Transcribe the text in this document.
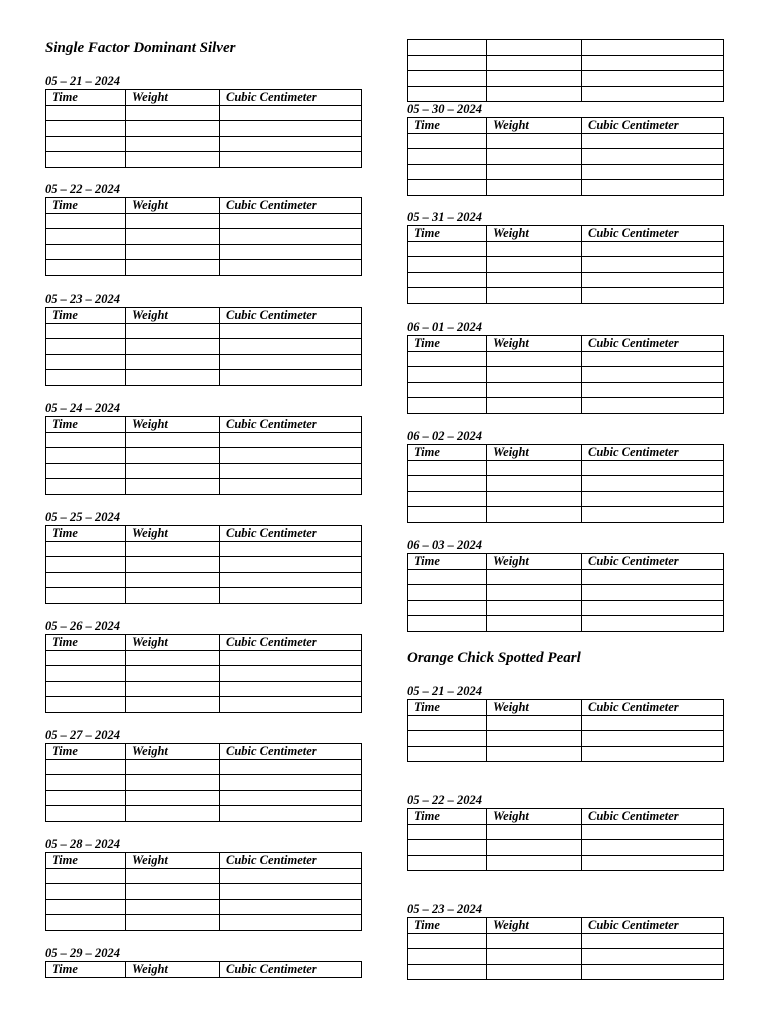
Single Factor Dominant Silver
05 – 21 – 2024
Time	Weight	Cubic Centimeter

05 – 22 – 2024
Time	Weight	Cubic Centimeter

05 – 23 – 2024
Time	Weight	Cubic Centimeter

05 – 24 – 2024
Time	Weight	Cubic Centimeter

05 – 25 – 2024
Time	Weight	Cubic Centimeter

05 – 26 – 2024
Time	Weight	Cubic Centimeter

05 – 27 – 2024
Time	Weight	Cubic Centimeter

05 – 28 – 2024
Time	Weight	Cubic Centimeter

05 – 29 – 2024
Time	Weight	Cubic Centimeter

05 – 30 – 2024
Time	Weight	Cubic Centimeter

05 – 31 – 2024
Time	Weight	Cubic Centimeter

06 – 01 – 2024
Time	Weight	Cubic Centimeter

06 – 02 – 2024
Time	Weight	Cubic Centimeter

06 – 03 – 2024
Time	Weight	Cubic Centimeter

Orange Chick Spotted Pearl
05 – 21 – 2024
Time	Weight	Cubic Centimeter

05 – 22 – 2024
Time	Weight	Cubic Centimeter

05 – 23 – 2024
Time	Weight	Cubic Centimeter
